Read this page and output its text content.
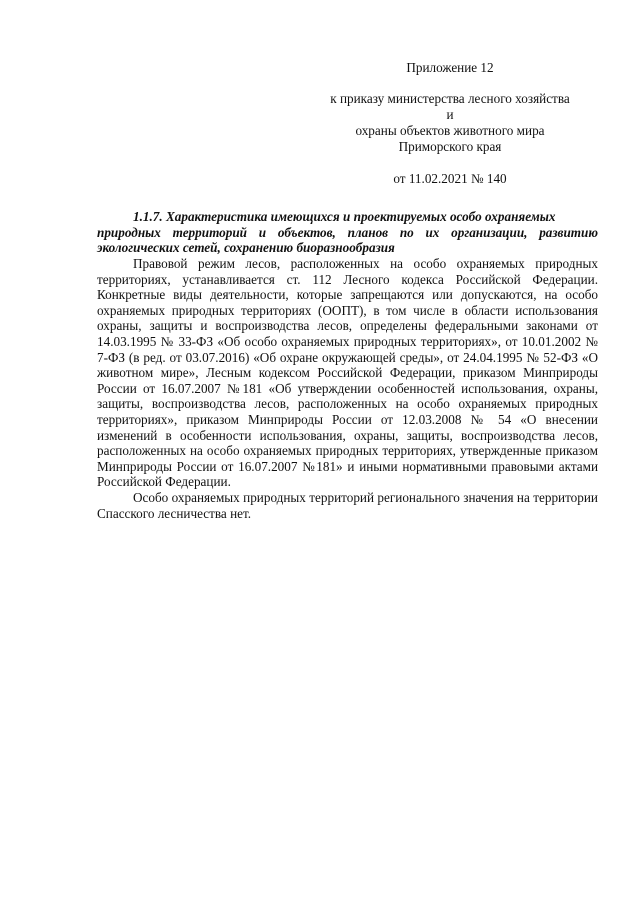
Приложение 12
к приказу министерства лесного хозяйства и
охраны объектов животного мира
Приморского края
от 11.02.2021 № 140
1.1.7. Характеристика имеющихся и проектируемых особо охраняемых
природных территорий и объектов, планов по их организации, развитию экологических сетей, сохранению биоразнообразия

Правовой режим лесов, расположенных на особо охраняемых природных территориях, устанавливается ст. 112 Лесного кодекса Российской Федерации. Конкретные виды деятельности, которые запрещаются или допускаются, на особо охраняемых природных территориях (ООПТ), в том числе в области использования охраны, защиты и воспроизводства лесов, определены федеральными законами от 14.03.1995 № 33-ФЗ «Об особо охраняемых природных территориях», от 10.01.2002 № 7-ФЗ (в ред. от 03.07.2016) «Об охране окружающей среды», от 24.04.1995 № 52-ФЗ «О животном мире», Лесным кодексом Российской Федерации, приказом Минприроды России от 16.07.2007 №181 «Об утверждении особенностей использования, охраны, защиты, воспроизводства лесов, расположенных на особо охраняемых природных территориях», приказом Минприроды России от 12.03.2008 № 54 «О внесении изменений в особенности использования, охраны, защиты, воспроизводства лесов, расположенных на особо охраняемых природных территориях, утвержденные приказом Минприроды России от 16.07.2007 №181» и иными нормативными правовыми актами Российской Федерации.

Особо охраняемых природных территорий регионального значения на территории Спасского лесничества нет.
